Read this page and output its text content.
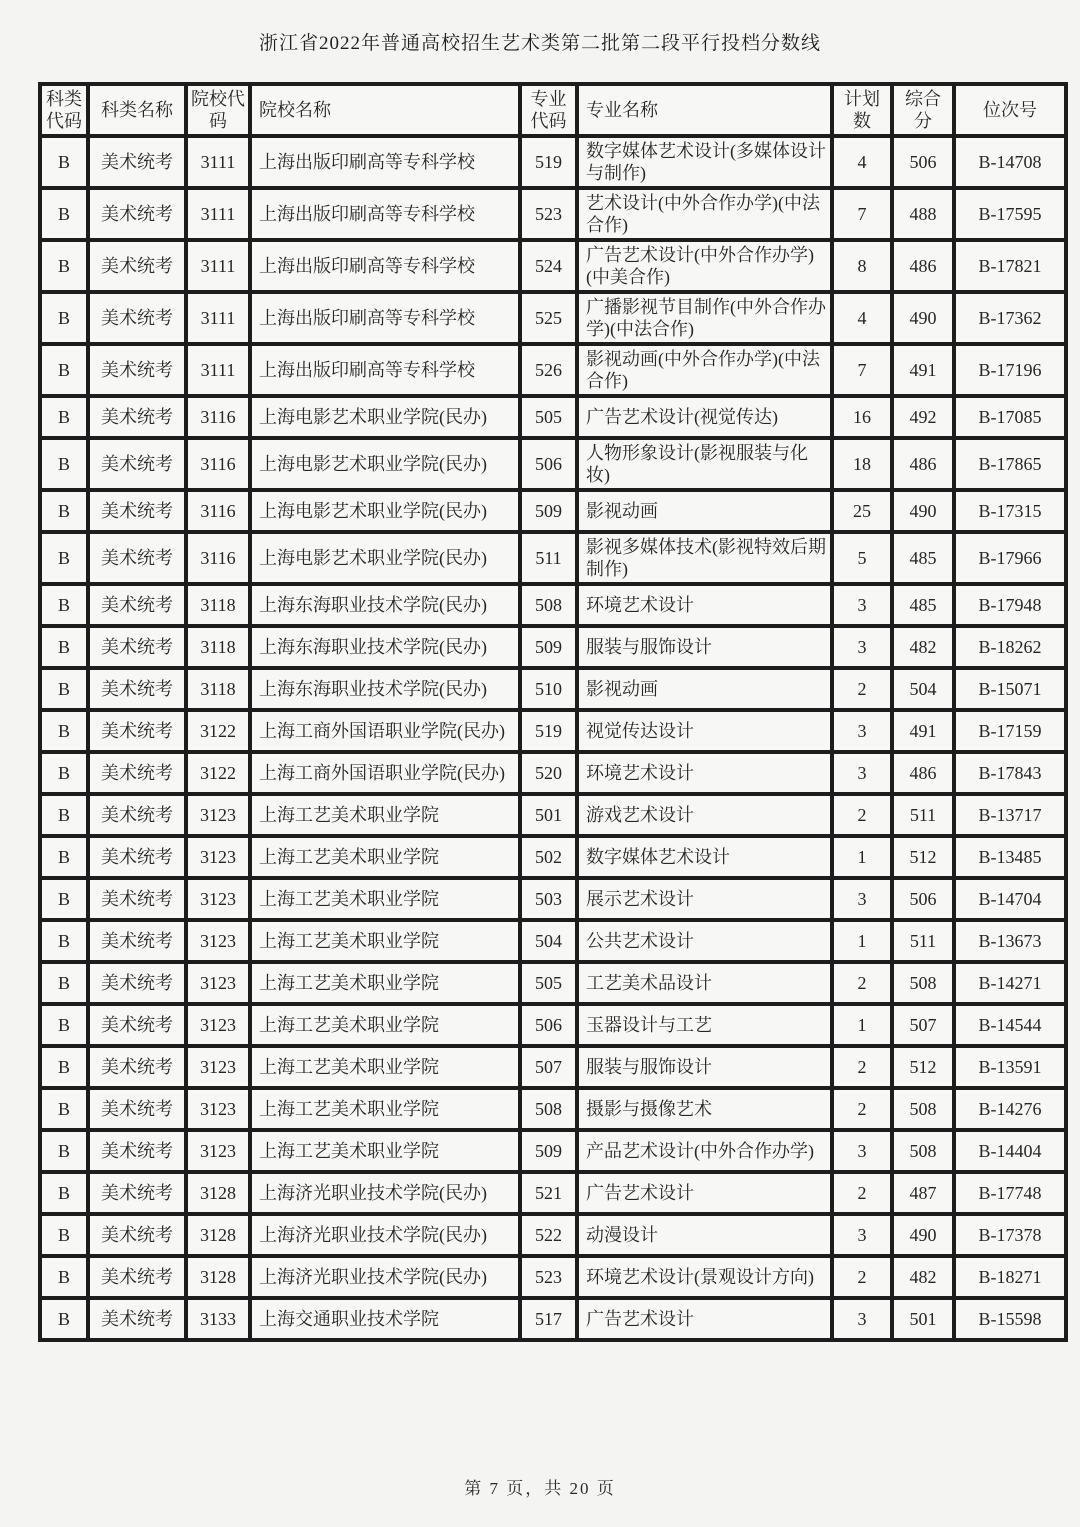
浙江省2022年普通高校招生艺术类第二批第二段平行投档分数线
科类代码	科类名称	院校代码	院校名称	专业代码	专业名称	计划数	综合分	位次号
B	美术统考	3111	上海出版印刷高等专科学校	519	数字媒体艺术设计(多媒体设计与制作)	4	506	B-14708
B	美术统考	3111	上海出版印刷高等专科学校	523	艺术设计(中外合作办学)(中法合作)	7	488	B-17595
B	美术统考	3111	上海出版印刷高等专科学校	524	广告艺术设计(中外合作办学)(中美合作)	8	486	B-17821
B	美术统考	3111	上海出版印刷高等专科学校	525	广播影视节目制作(中外合作办学)(中法合作)	4	490	B-17362
B	美术统考	3111	上海出版印刷高等专科学校	526	影视动画(中外合作办学)(中法合作)	7	491	B-17196
B	美术统考	3116	上海电影艺术职业学院(民办)	505	广告艺术设计(视觉传达)	16	492	B-17085
B	美术统考	3116	上海电影艺术职业学院(民办)	506	人物形象设计(影视服装与化妆)	18	486	B-17865
B	美术统考	3116	上海电影艺术职业学院(民办)	509	影视动画	25	490	B-17315
B	美术统考	3116	上海电影艺术职业学院(民办)	511	影视多媒体技术(影视特效后期制作)	5	485	B-17966
B	美术统考	3118	上海东海职业技术学院(民办)	508	环境艺术设计	3	485	B-17948
B	美术统考	3118	上海东海职业技术学院(民办)	509	服装与服饰设计	3	482	B-18262
B	美术统考	3118	上海东海职业技术学院(民办)	510	影视动画	2	504	B-15071
B	美术统考	3122	上海工商外国语职业学院(民办)	519	视觉传达设计	3	491	B-17159
B	美术统考	3122	上海工商外国语职业学院(民办)	520	环境艺术设计	3	486	B-17843
B	美术统考	3123	上海工艺美术职业学院	501	游戏艺术设计	2	511	B-13717
B	美术统考	3123	上海工艺美术职业学院	502	数字媒体艺术设计	1	512	B-13485
B	美术统考	3123	上海工艺美术职业学院	503	展示艺术设计	3	506	B-14704
B	美术统考	3123	上海工艺美术职业学院	504	公共艺术设计	1	511	B-13673
B	美术统考	3123	上海工艺美术职业学院	505	工艺美术品设计	2	508	B-14271
B	美术统考	3123	上海工艺美术职业学院	506	玉器设计与工艺	1	507	B-14544
B	美术统考	3123	上海工艺美术职业学院	507	服装与服饰设计	2	512	B-13591
B	美术统考	3123	上海工艺美术职业学院	508	摄影与摄像艺术	2	508	B-14276
B	美术统考	3123	上海工艺美术职业学院	509	产品艺术设计(中外合作办学)	3	508	B-14404
B	美术统考	3128	上海济光职业技术学院(民办)	521	广告艺术设计	2	487	B-17748
B	美术统考	3128	上海济光职业技术学院(民办)	522	动漫设计	3	490	B-17378
B	美术统考	3128	上海济光职业技术学院(民办)	523	环境艺术设计(景观设计方向)	2	482	B-18271
B	美术统考	3133	上海交通职业技术学院	517	广告艺术设计	3	501	B-15598
第 7 页，共 20 页
